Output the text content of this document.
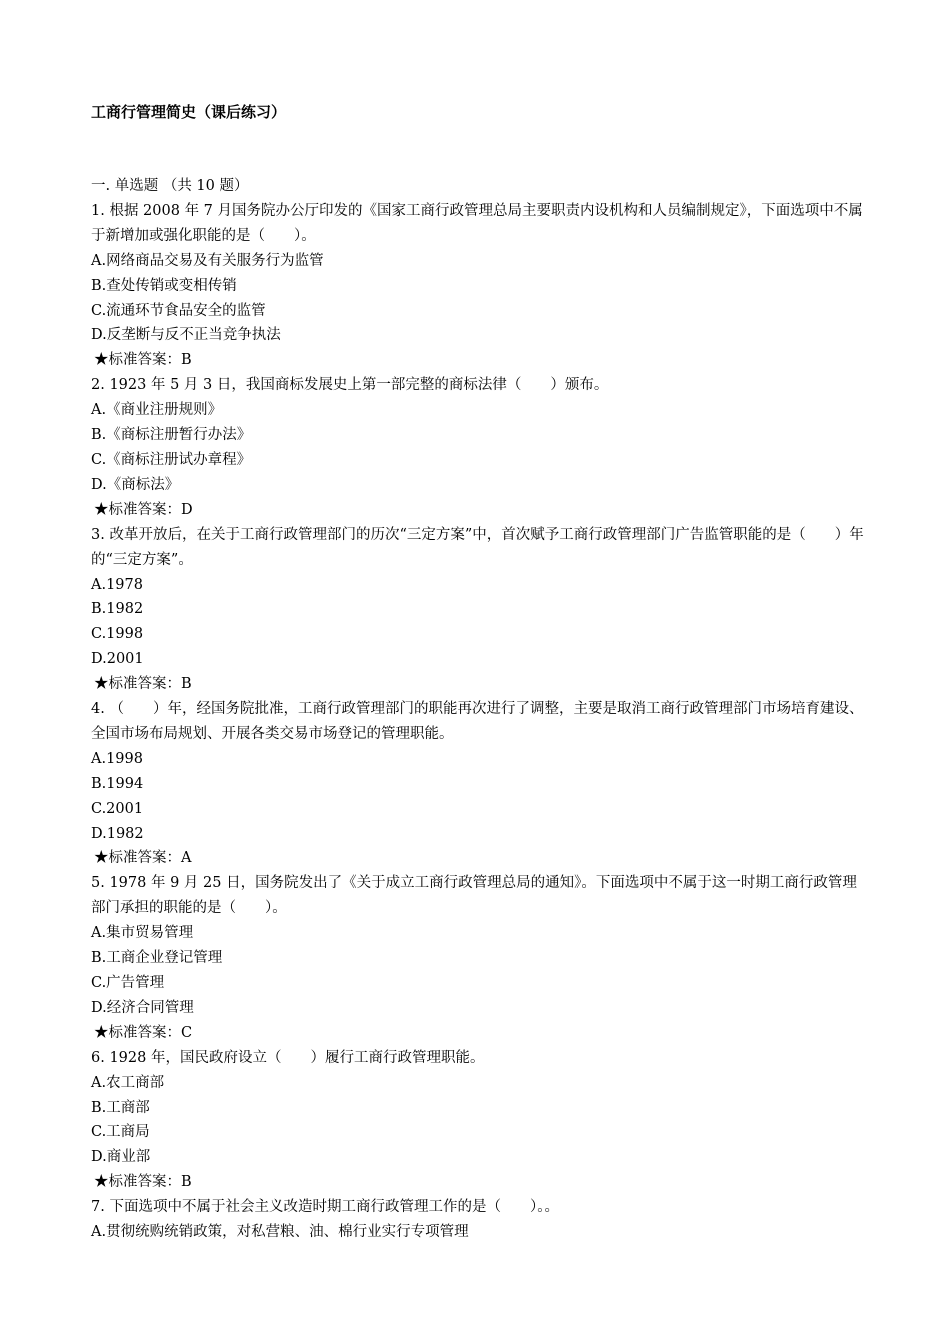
工商行管理简史（课后练习）
一. 单选题 （共 10 题）
1. 根据 2008 年 7 月国务院办公厅印发的《国家工商行政管理总局主要职责内设机构和人员编制规定》，下面选项中不属于新增加或强化职能的是（　　）。
A.网络商品交易及有关服务行为监管
B.查处传销或变相传销
C.流通环节食品安全的监管
D.反垄断与反不正当竞争执法
★标准答案：B
2. 1923 年 5 月 3 日，我国商标发展史上第一部完整的商标法律（　　）颁布。
A.《商业注册规则》
B.《商标注册暂行办法》
C.《商标注册试办章程》
D.《商标法》
★标准答案：D
3. 改革开放后，在关于工商行政管理部门的历次“三定方案”中，首次赋予工商行政管理部门广告监管职能的是（　　）年的“三定方案”。
A.1978
B.1982
C.1998
D.2001
★标准答案：B
4. （　　）年，经国务院批准，工商行政管理部门的职能再次进行了调整，主要是取消工商行政管理部门市场培育建设、全国市场布局规划、开展各类交易市场登记的管理职能。
A.1998
B.1994
C.2001
D.1982
★标准答案：A
5. 1978 年 9 月 25 日，国务院发出了《关于成立工商行政管理总局的通知》。下面选项中不属于这一时期工商行政管理部门承担的职能的是（　　）。
A.集市贸易管理
B.工商企业登记管理
C.广告管理
D.经济合同管理
★标准答案：C
6. 1928 年，国民政府设立（　　）履行工商行政管理职能。
A.农工商部
B.工商部
C.工商局
D.商业部
★标准答案：B
7. 下面选项中不属于社会主义改造时期工商行政管理工作的是（　　）。。
A.贯彻统购统销政策，对私营粮、油、棉行业实行专项管理
